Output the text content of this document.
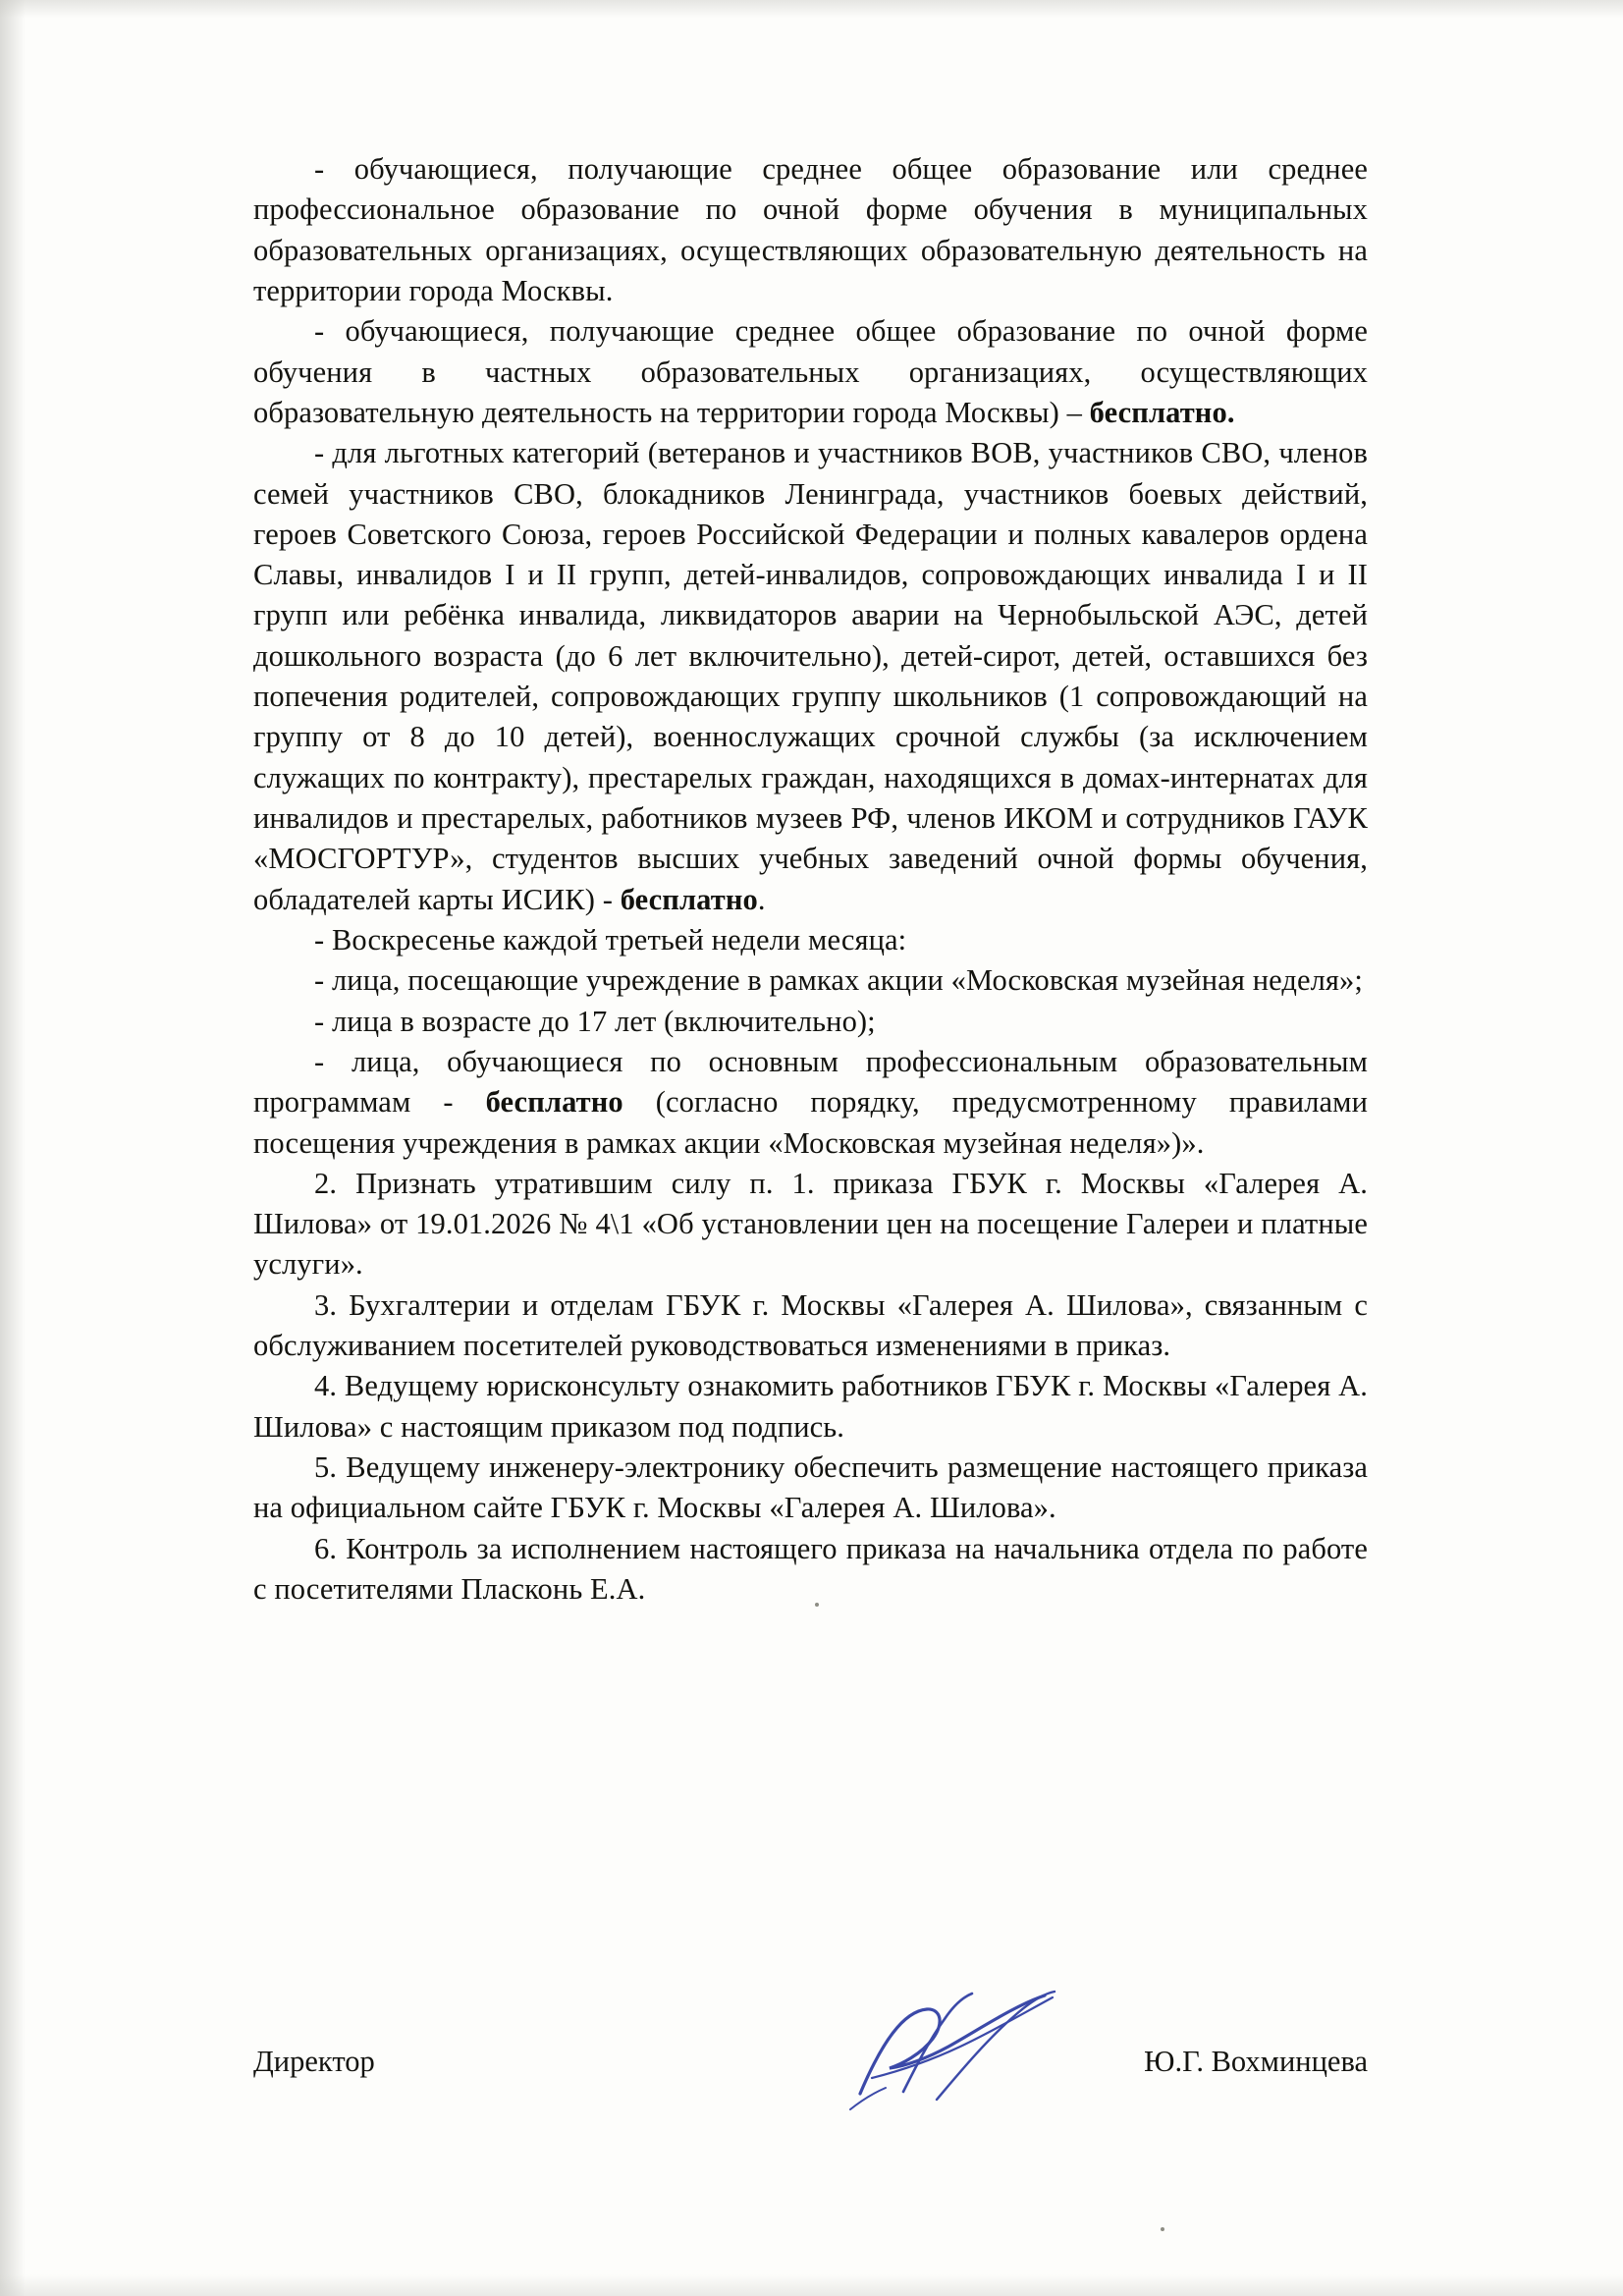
- обучающиеся, получающие среднее общее образование или среднее профессиональное образование по очной форме обучения в муниципальных образовательных организациях, осуществляющих образовательную деятельность на территории города Москвы.

- обучающиеся, получающие среднее общее образование по очной форме обучения в частных образовательных организациях, осуществляющих образовательную деятельность на территории города Москвы) – бесплатно.

- для льготных категорий (ветеранов и участников ВОВ, участников СВО, членов семей участников СВО, блокадников Ленинграда, участников боевых действий, героев Советского Союза, героев Российской Федерации и полных кавалеров ордена Славы, инвалидов I и II групп, детей-инвалидов, сопровождающих инвалида I и II групп или ребёнка инвалида, ликвидаторов аварии на Чернобыльской АЭС, детей дошкольного возраста (до 6 лет включительно), детей-сирот, детей, оставшихся без попечения родителей, сопровождающих группу школьников (1 сопровождающий на группу от 8 до 10 детей), военнослужащих срочной службы (за исключением служащих по контракту), престарелых граждан, находящихся в домах-интернатах для инвалидов и престарелых, работников музеев РФ, членов ИКОМ и сотрудников ГАУК «МОСГОРТУР», студентов высших учебных заведений очной формы обучения, обладателей карты ИСИК) - бесплатно.

- Воскресенье каждой третьей недели месяца:

- лица, посещающие учреждение в рамках акции «Московская музейная неделя»;

- лица в возрасте до 17 лет (включительно);

- лица, обучающиеся по основным профессиональным образовательным программам - бесплатно (согласно порядку, предусмотренному правилами посещения учреждения в рамках акции «Московская музейная неделя»)».

2. Признать утратившим силу п. 1. приказа ГБУК г. Москвы «Галерея А. Шилова» от 19.01.2026 № 4\1 «Об установлении цен на посещение Галереи и платные услуги».

3. Бухгалтерии и отделам ГБУК г. Москвы «Галерея А. Шилова», связанным с обслуживанием посетителей руководствоваться изменениями в приказ.

4. Ведущему юрисконсульту ознакомить работников ГБУК г. Москвы «Галерея А. Шилова» с настоящим приказом под подпись.

5. Ведущему инженеру-электронику обеспечить размещение настоящего приказа на официальном сайте ГБУК г. Москвы «Галерея А. Шилова».

6. Контроль за исполнением настоящего приказа на начальника отдела по работе с посетителями Пласконь Е.А.

Директор	Ю.Г. Вохминцева
